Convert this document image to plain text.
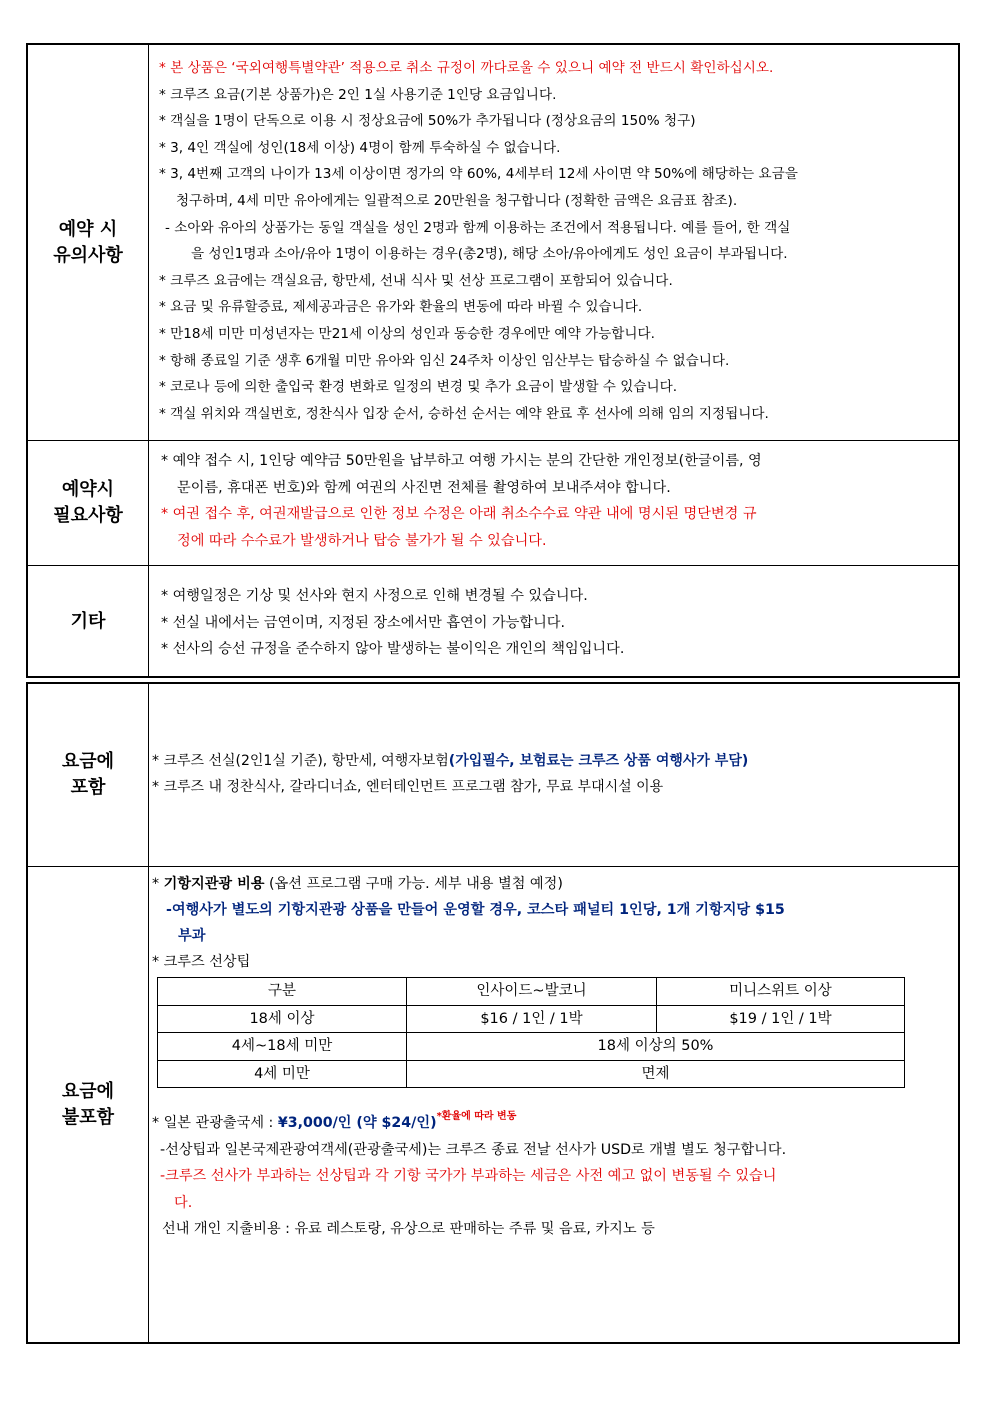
예약 시
유의사항
* 본 상품은 ‘국외여행특별약관’ 적용으로 취소 규정이 까다로울 수 있으니 예약 전 반드시 확인하십시오.
* 크루즈 요금(기본 상품가)은 2인 1실 사용기준 1인당 요금입니다.
* 객실을 1명이 단독으로 이용 시 정상요금에 50%가 추가됩니다 (정상요금의 150% 청구)
* 3, 4인 객실에 성인(18세 이상) 4명이 함께 투숙하실 수 없습니다.
* 3, 4번째 고객의 나이가 13세 이상이면 정가의 약 60%, 4세부터 12세 사이면 약 50%에 해당하는 요금을
청구하며, 4세 미만 유아에게는 일괄적으로 20만원을 청구합니다 (정확한 금액은 요금표 참조).
- 소아와 유아의 상품가는 동일 객실을 성인 2명과 함께 이용하는 조건에서 적용됩니다. 예를 들어, 한 객실
을 성인1명과 소아/유아 1명이 이용하는 경우(총2명), 해당 소아/유아에게도 성인 요금이 부과됩니다.
* 크루즈 요금에는 객실요금, 항만세, 선내 식사 및 선상 프로그램이 포함되어 있습니다.
* 요금 및 유류할증료, 제세공과금은 유가와 환율의 변동에 따라 바뀔 수 있습니다.
* 만18세 미만 미성년자는 만21세 이상의 성인과 동승한 경우에만 예약 가능합니다.
* 항해 종료일 기준 생후 6개월 미만 유아와 임신 24주차 이상인 임산부는 탑승하실 수 없습니다.
* 코로나 등에 의한 출입국 환경 변화로 일정의 변경 및 추가 요금이 발생할 수 있습니다.
* 객실 위치와 객실번호, 정찬식사 입장 순서, 승하선 순서는 예약 완료 후 선사에 의해 임의 지정됩니다.
예약시
필요사항
* 예약 접수 시, 1인당 예약금 50만원을 납부하고 여행 가시는 분의 간단한 개인정보(한글이름, 영
문이름, 휴대폰 번호)와 함께 여권의 사진면 전체를 촬영하여 보내주셔야 합니다.
* 여권 접수 후, 여권재발급으로 인한 정보 수정은 아래 취소수수료 약관 내에 명시된 명단변경 규
정에 따라 수수료가 발생하거나 탑승 불가가 될 수 있습니다.
기타
* 여행일정은 기상 및 선사와 현지 사정으로 인해 변경될 수 있습니다.
* 선실 내에서는 금연이며, 지정된 장소에서만 흡연이 가능합니다.
* 선사의 승선 규정을 준수하지 않아 발생하는 불이익은 개인의 책임입니다.
요금에
포함
* 크루즈 선실(2인1실 기준), 항만세, 여행자보험(가입필수, 보험료는 크루즈 상품 여행사가 부담)
* 크루즈 내 정찬식사, 갈라디너쇼, 엔터테인먼트 프로그램 참가, 무료 부대시설 이용
요금에
불포함
* 기항지관광 비용 (옵션 프로그램 구매 가능. 세부 내용 별첨 예정)
-여행사가 별도의 기항지관광 상품을 만들어 운영할 경우, 코스타 패널티 1인당, 1개 기항지당 $15
부과
* 크루즈 선상팁
구분	인사이드~발코니	미니스위트 이상
18세 이상	$16 / 1인 / 1박	$19 / 1인 / 1박
4세~18세 미만	18세 이상의 50%	
4세 미만	면제	
* 일본 관광출국세 : ¥3,000/인 (약 $24/인)$^{*환율에 따라 변동}$
-선상팁과 일본국제관광여객세(관광출국세)는 크루즈 종료 전날 선사가 USD로 개별 별도 청구합니다.
-크루즈 선사가 부과하는 선상팁과 각 기항 국가가 부과하는 세금은 사전 예고 없이 변동될 수 있습니
다.
선내 개인 지출비용 : 유료 레스토랑, 유상으로 판매하는 주류 및 음료, 카지노 등
